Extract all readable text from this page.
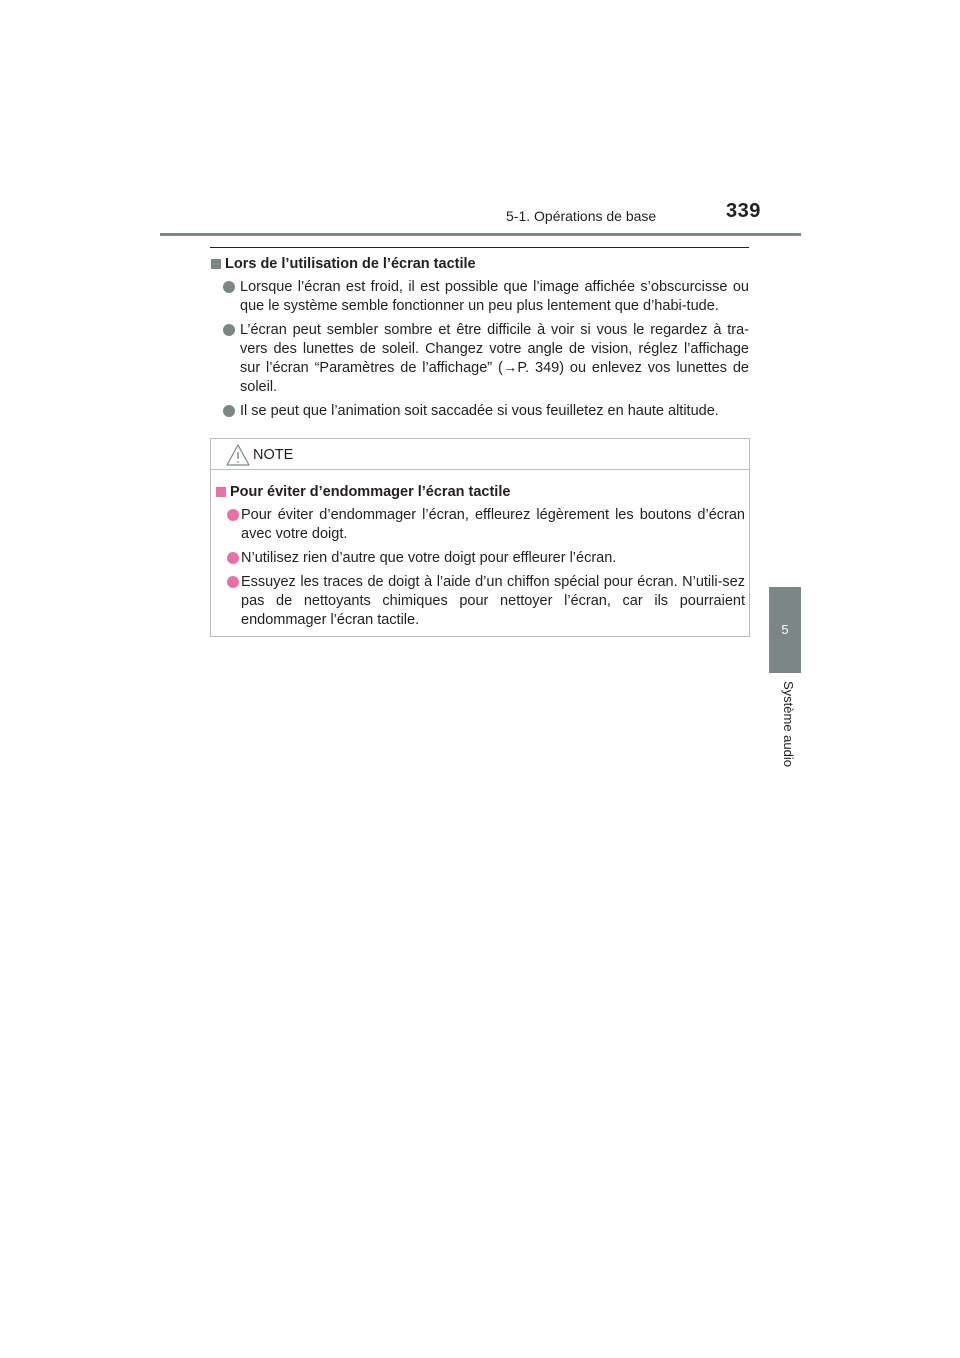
5-1. Opérations de base	339
5
Système audio
Lors de l’utilisation de l’écran tactile
Lorsque l’écran est froid, il est possible que l’image affichée s’obscurcisse ou que le système semble fonctionner un peu plus lentement que d’habi-tude.
L’écran peut sembler sombre et être difficile à voir si vous le regardez à tra-vers des lunettes de soleil. Changez votre angle de vision, réglez l’affichage sur l’écran “Paramètres de l’affichage” (→P. 349) ou enlevez vos lunettes de soleil.
Il se peut que l’animation soit saccadée si vous feuilletez en haute altitude.
NOTE
Pour éviter d’endommager l’écran tactile
Pour éviter d’endommager l’écran, effleurez légèrement les boutons d’écran avec votre doigt.
N’utilisez rien d’autre que votre doigt pour effleurer l’écran.
Essuyez les traces de doigt à l’aide d’un chiffon spécial pour écran. N’utili-sez pas de nettoyants chimiques pour nettoyer l’écran, car ils pourraient endommager l’écran tactile.
